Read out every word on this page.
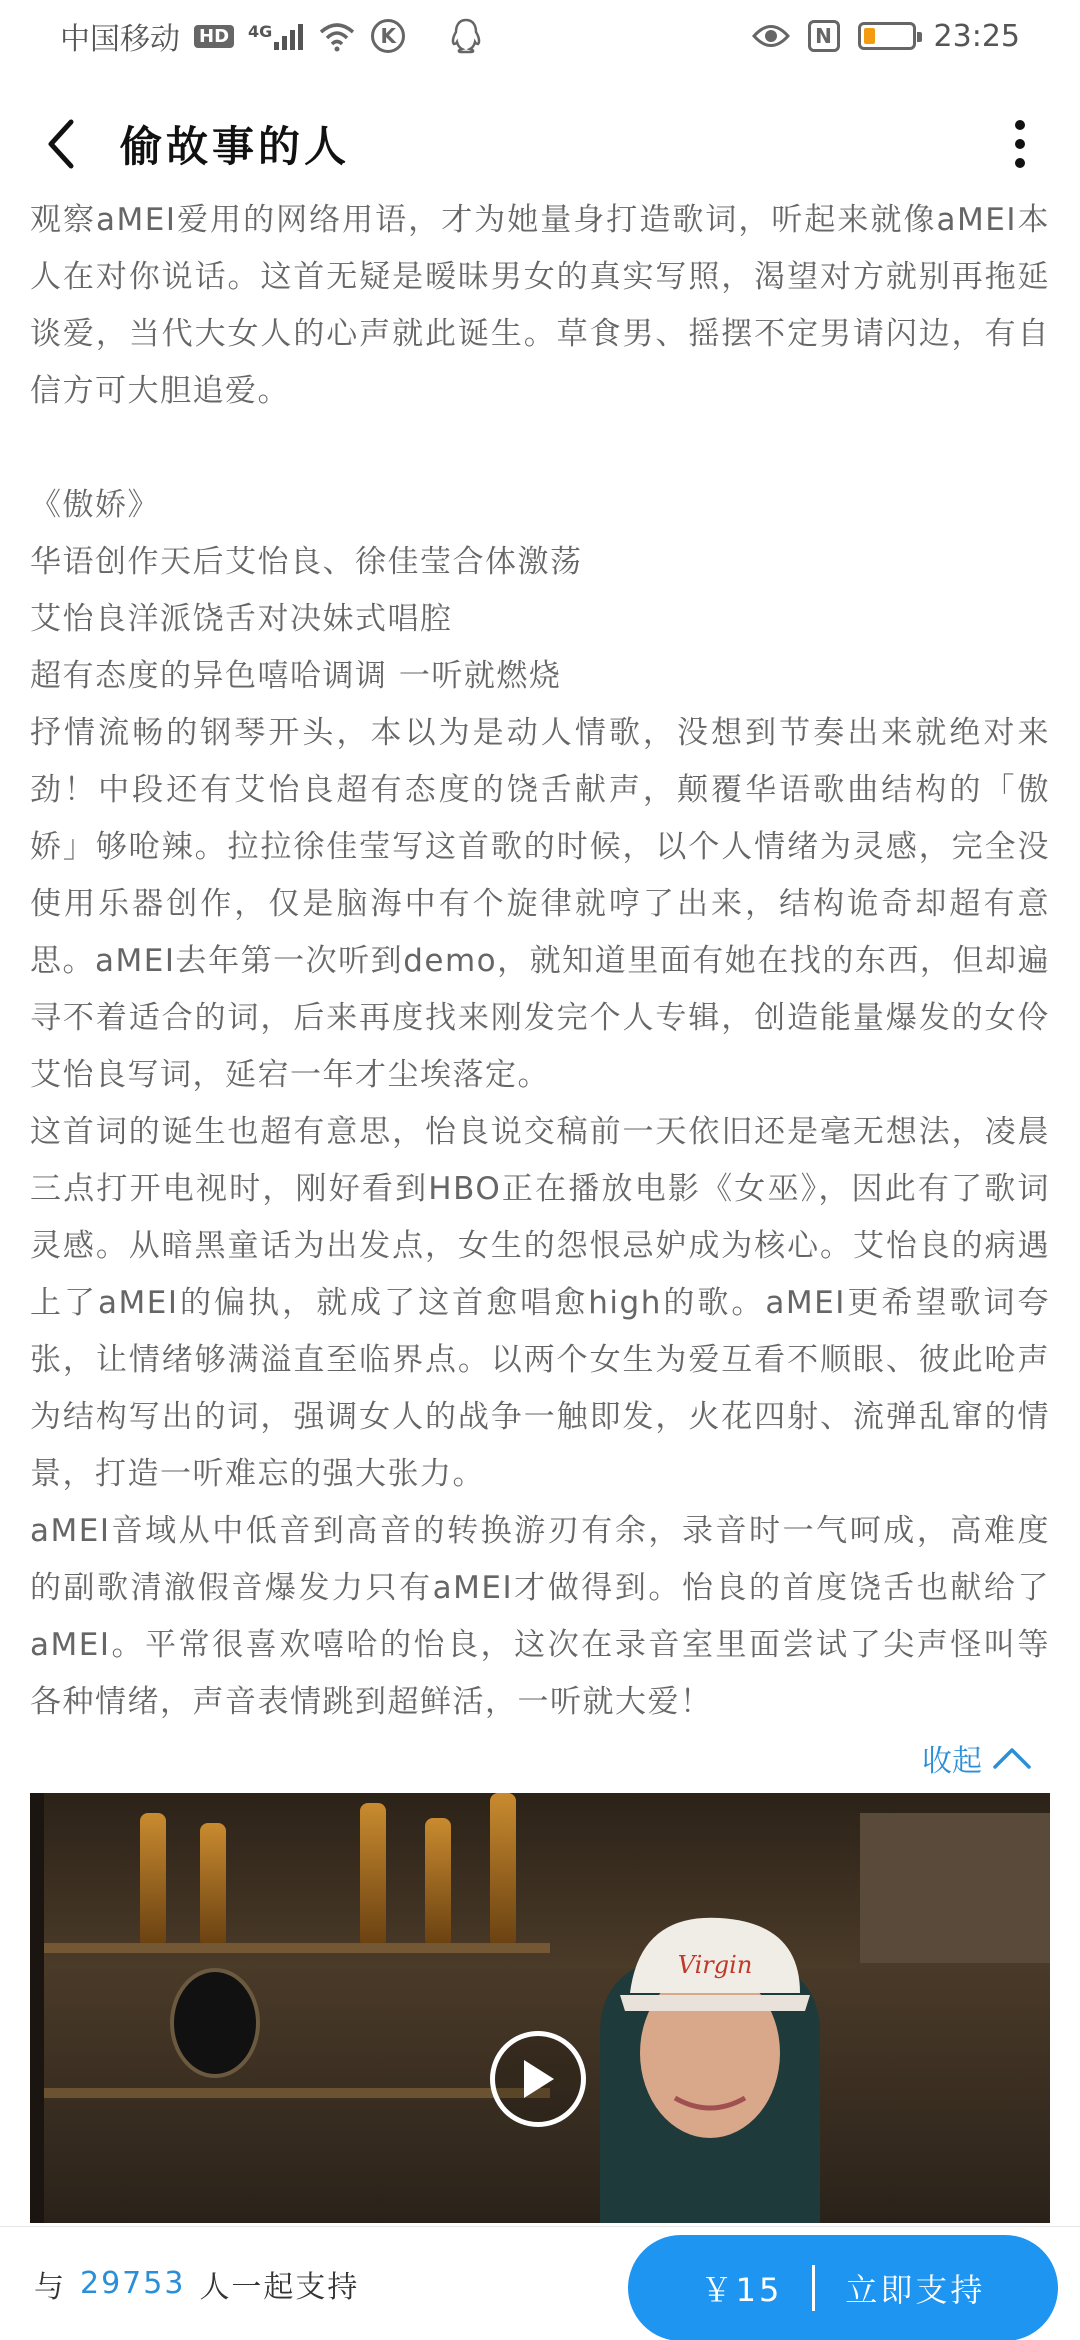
中国移动 HD	4G	K	N	23:25
偷故事的人

观察aMEI爱用的网络用语，才为她量身打造歌词，听起来就像aMEI本人在对你说话。这首无疑是暧昧男女的真实写照，渴望对方就别再拖延谈爱，当代大女人的心声就此诞生。草食男、摇摆不定男请闪边，有自信方可大胆追爱。

《傲娇》

华语创作天后艾怡良、徐佳莹合体激荡

艾怡良洋派饶舌对决妹式唱腔

超有态度的异色嘻哈调调 一听就燃烧

抒情流畅的钢琴开头，本以为是动人情歌，没想到节奏出来就绝对来劲！中段还有艾怡良超有态度的饶舌献声，颠覆华语歌曲结构的「傲娇」够呛辣。拉拉徐佳莹写这首歌的时候，以个人情绪为灵感，完全没使用乐器创作，仅是脑海中有个旋律就哼了出来，结构诡奇却超有意思。aMEI去年第一次听到demo，就知道里面有她在找的东西，但却遍寻不着适合的词，后来再度找来刚发完个人专辑，创造能量爆发的女伶艾怡良写词，延宕一年才尘埃落定。

这首词的诞生也超有意思，怡良说交稿前一天依旧还是毫无想法，凌晨三点打开电视时，刚好看到HBO正在播放电影《女巫》，因此有了歌词灵感。从暗黑童话为出发点，女生的怨恨忌妒成为核心。艾怡良的病遇上了aMEI的偏执，就成了这首愈唱愈high的歌。aMEI更希望歌词夸张，让情绪够满溢直至临界点。以两个女生为爱互看不顺眼、彼此呛声为结构写出的词，强调女人的战争一触即发，火花四射、流弹乱窜的情景，打造一听难忘的强大张力。

aMEI音域从中低音到高音的转换游刃有余，录音时一气呵成，高难度的副歌清澈假音爆发力只有aMEI才做得到。怡良的首度饶舌也献给了aMEI。平常很喜欢嘻哈的怡良，这次在录音室里面尝试了尖声怪叫等各种情绪，声音表情跳到超鲜活，一听就大爱！

收起
Virgin
与 29753 人一起支持	￥15 立即支持
